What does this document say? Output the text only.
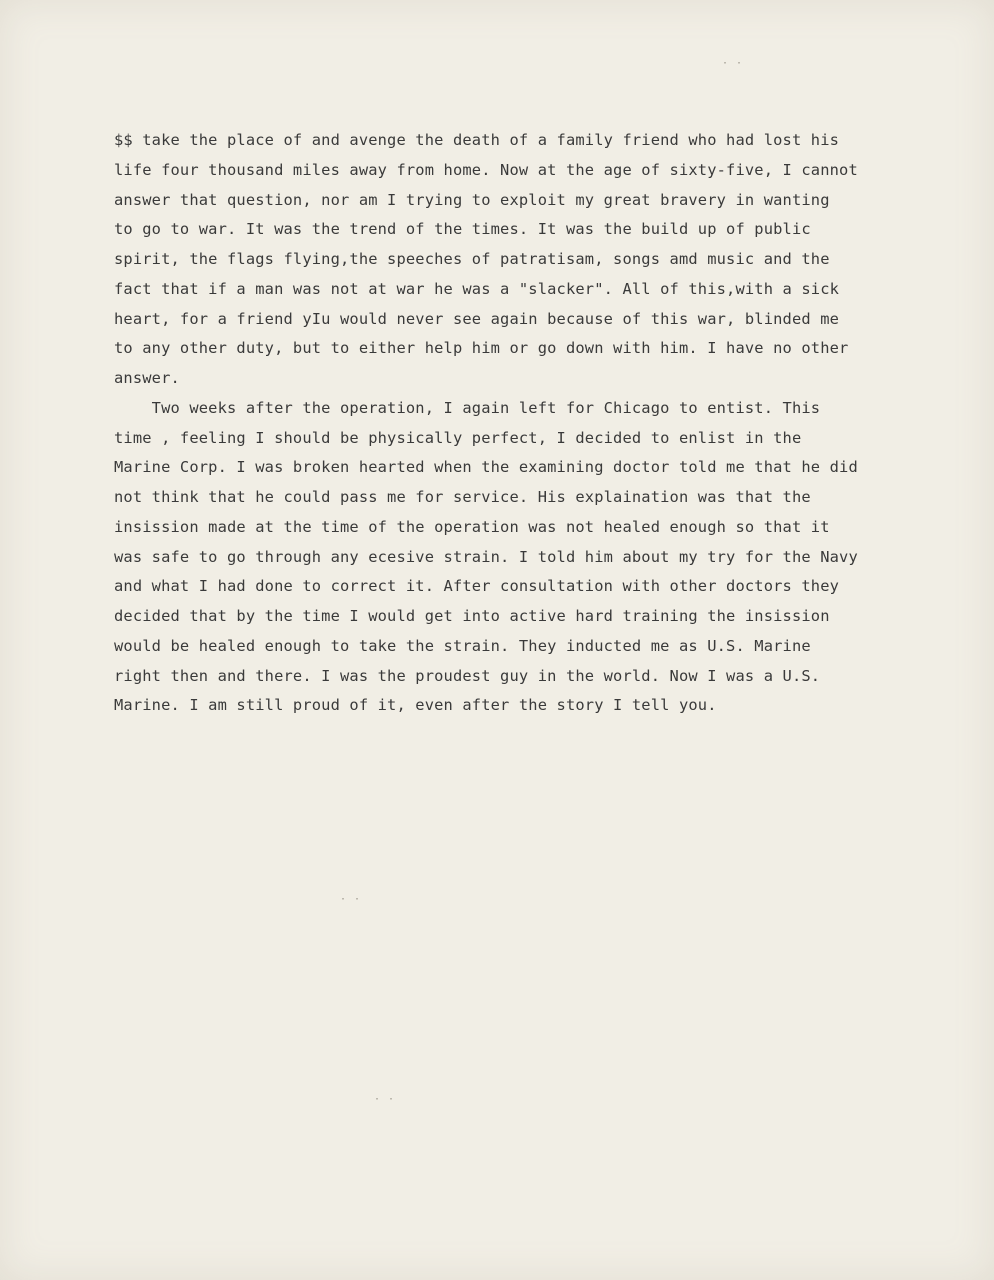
$$ take the place of and avenge the death of a family friend who had lost his
life four thousand miles away from home. Now at the age of sixty-five, I cannot
answer that question, nor am I trying to exploit my great bravery in wanting
to go to war. It was the trend of the times. It was the build up of public
spirit, the flags flying,the speeches of patratisam, songs amd music and the
fact that if a man was not at war he was a "slacker". All of this,with a sick
heart, for a friend yIu would never see again because of this war, blinded me
to any other duty, but to either help him or go down with him. I have no other
answer.
Two weeks after the operation, I again left for Chicago to entist. This
time , feeling I should be physically perfect, I decided to enlist in the
Marine Corp. I was broken hearted when the examining doctor told me that he did
not think that he could pass me for service. His explaination was that the
insission made at the time of the operation was not healed enough so that it
was safe to go through any ecesive strain. I told him about my try for the Navy
and what I had done to correct it. After consultation with other doctors they
decided that by the time I would get into active hard training the insission
would be healed enough to take the strain. They inducted me as U.S. Marine
right then and there. I was the proudest guy in the world. Now I was a U.S.
Marine. I am still proud of it, even after the story I tell you.
· ·
· ·
· ·
